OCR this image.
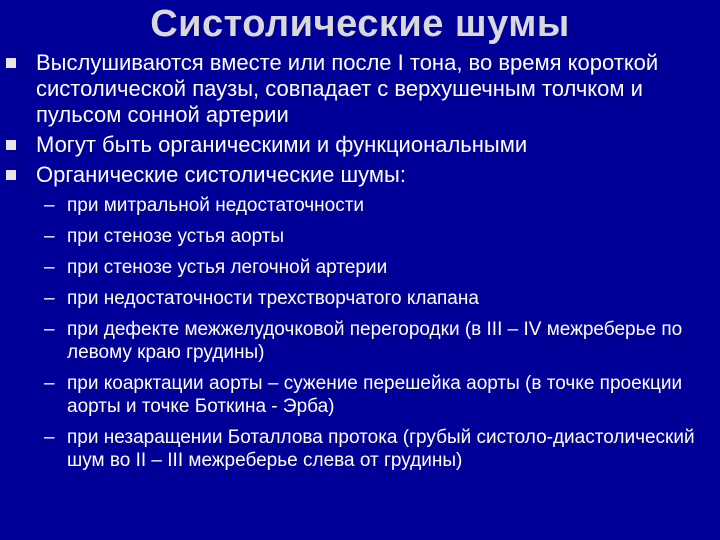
Систолические шумы
Выслушиваются вместе или после I тона, во время короткой систолической паузы, совпадает с верхушечным толчком и пульсом сонной артерии
Могут быть органическими и функциональными
Органические систолические шумы:
– при митральной недостаточности
– при стенозе устья аорты
– при стенозе устья легочной артерии
– при недостаточности трехстворчатого клапана
– при дефекте межжелудочковой перегородки (в III – IV межреберье по левому краю грудины)
– при коарктации аорты – сужение перешейка аорты (в точке проекции аорты и точке Боткина - Эрба)
– при незаращении Боталлова протока (грубый систоло-диастолический шум во II – III межреберье слева от грудины)
